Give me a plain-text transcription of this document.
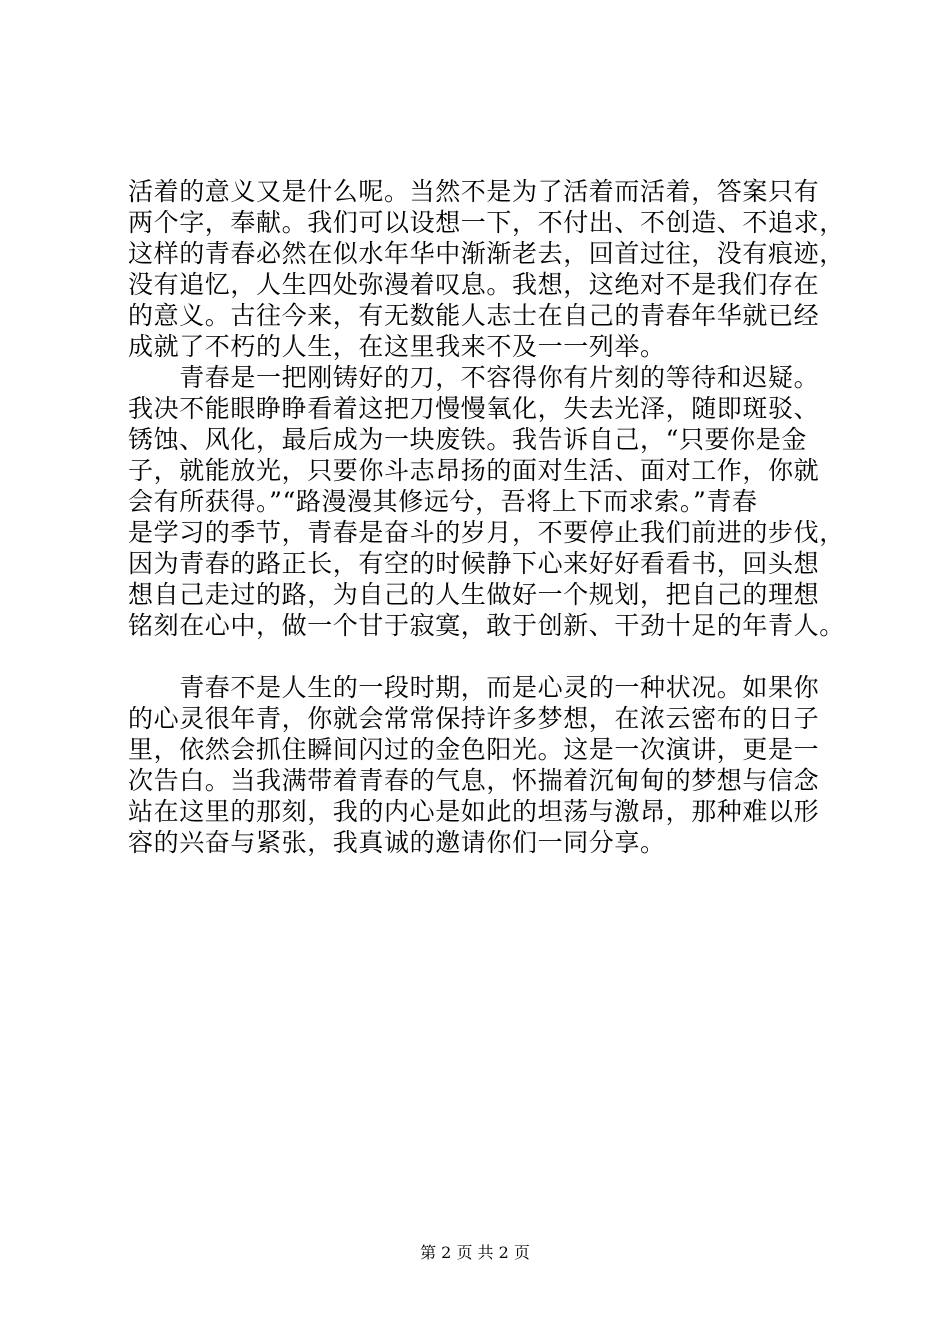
活着的意义又是什么呢。当然不是为了活着而活着，答案只有
两个字，奉献。我们可以设想一下，不付出、不创造、不追求，
这样的青春必然在似水年华中渐渐老去，回首过往，没有痕迹，
没有追忆，人生四处弥漫着叹息。我想，这绝对不是我们存在
的意义。古往今来，有无数能人志士在自己的青春年华就已经
成就了不朽的人生，在这里我来不及一一列举。
　　青春是一把刚铸好的刀，不容得你有片刻的等待和迟疑。
我决不能眼睁睁看着这把刀慢慢氧化，失去光泽，随即斑驳、
锈蚀、风化，最后成为一块废铁。我告诉自己，“只要你是金
子，就能放光，只要你斗志昂扬的面对生活、面对工作，你就
会有所获得。”“路漫漫其修远兮，吾将上下而求索。”青春
是学习的季节，青春是奋斗的岁月，不要停止我们前进的步伐，
因为青春的路正长，有空的时候静下心来好好看看书，回头想
想自己走过的路，为自己的人生做好一个规划，把自己的理想
铭刻在心中，做一个甘于寂寞，敢于创新、干劲十足的年青人。
　　青春不是人生的一段时期，而是心灵的一种状况。如果你
的心灵很年青，你就会常常保持许多梦想，在浓云密布的日子
里，依然会抓住瞬间闪过的金色阳光。这是一次演讲，更是一
次告白。当我满带着青春的气息，怀揣着沉甸甸的梦想与信念
站在这里的那刻，我的内心是如此的坦荡与激昂，那种难以形
容的兴奋与紧张，我真诚的邀请你们一同分享。
第 2 页 共 2 页
